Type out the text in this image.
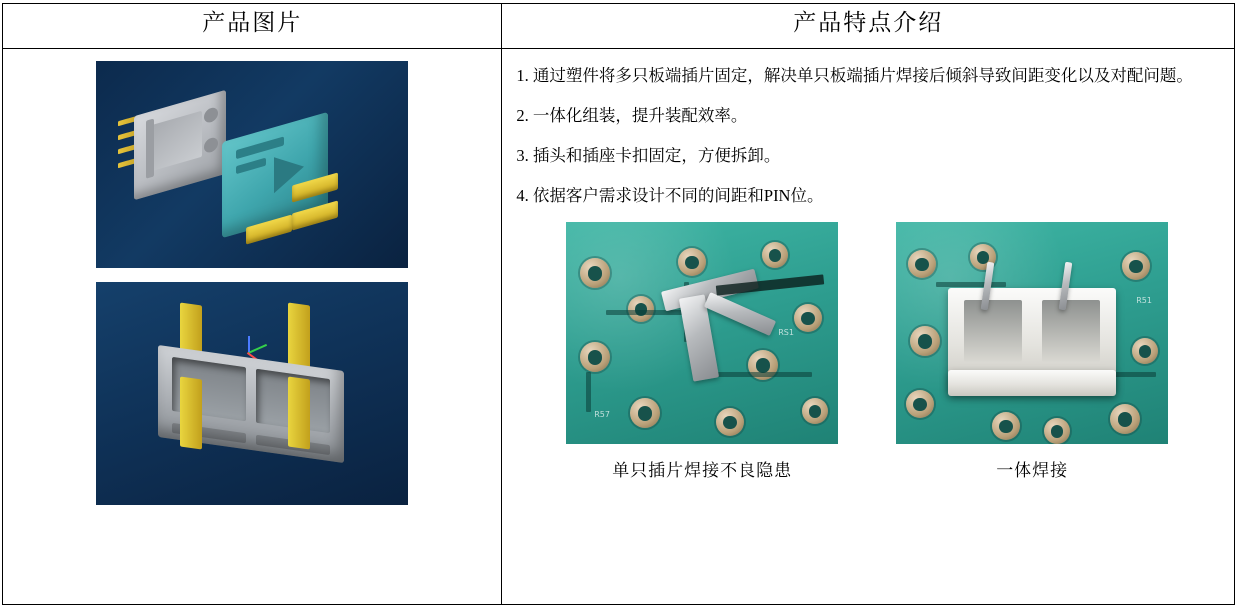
产品图片	产品特点介绍

1. 通过塑件将多只板端插片固定，解决单只板端插片焊接后倾斜导致间距变化以及对配问题。

2. 一体化组装，提升装配效率。

3. 插头和插座卡扣固定，方便拆卸。

4. 依据客户需求设计不同的间距和PIN位。

RS1
R57
单只插片焊接不良隐患
R51
一体焊接
